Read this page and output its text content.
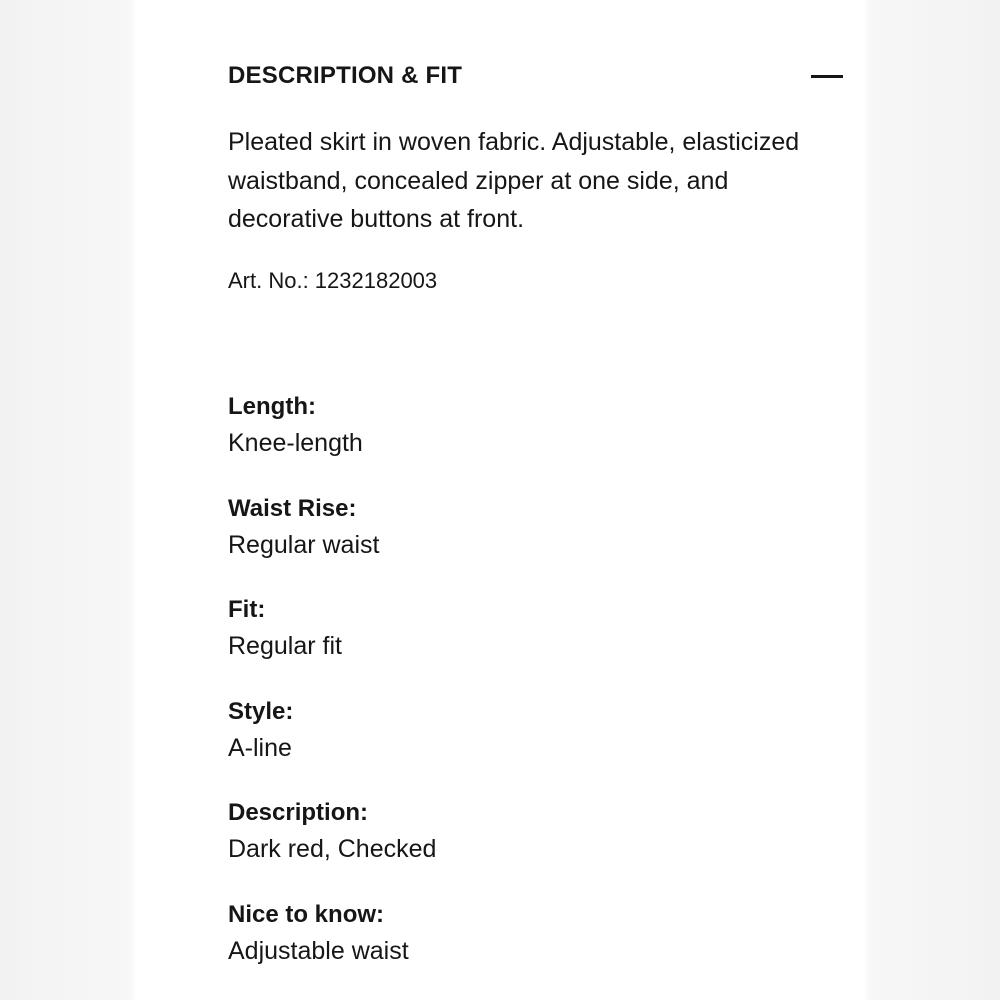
DESCRIPTION & FIT

Pleated skirt in woven fabric. Adjustable, elasticized waistband, concealed zipper at one side, and decorative buttons at front.

Art. No.: 1232182003

Length:
Knee-length
Waist Rise:
Regular waist
Fit:
Regular fit
Style:
A-line
Description:
Dark red, Checked
Nice to know:
Adjustable waist
